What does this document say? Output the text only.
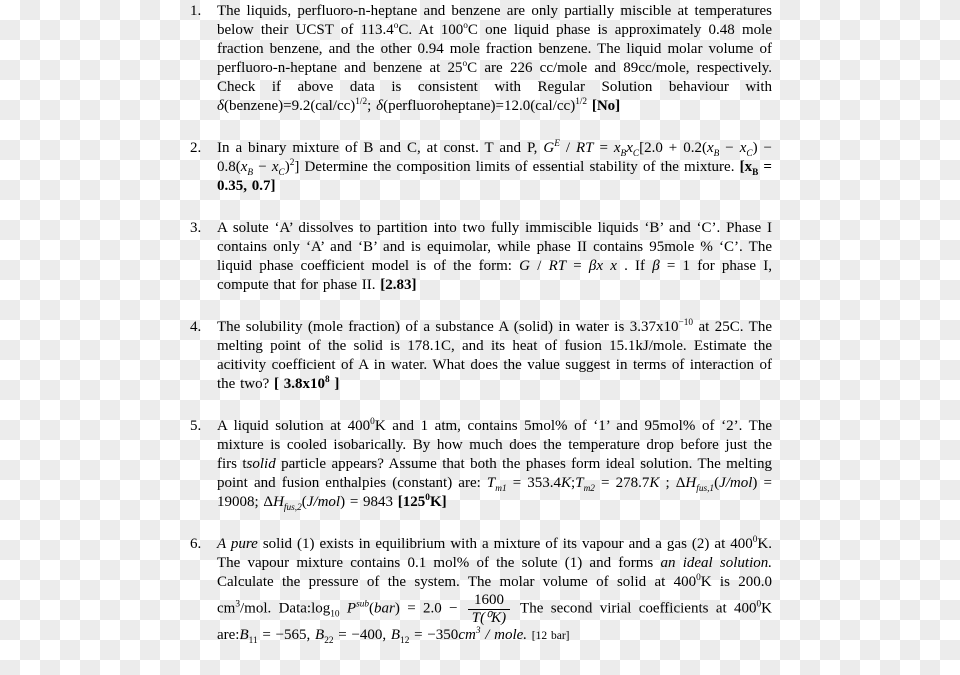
1.	The liquids, perfluoro-n-heptane and benzene are only partially miscible at temperatures below their UCST of 113.4$^o$C. At 100$^o$C one liquid phase is approximately 0.48 mole fraction benzene, and the other 0.94 mole fraction benzene. The liquid molar volume of perfluoro-n-heptane and benzene at 25$^o$C are 226 cc/mole and 89cc/mole, respectively. Check if above data is consistent with Regular Solution behaviour with $\delta(benzene)=9.2(cal/cc)^{1/2}$; $\delta(perfluoroheptane)=12.0(cal/cc)^{1/2}$ [No]
2.	In a binary mixture of B and C, at const. T and P, $G^E$ / RT = $x_Bx_C[2.0 + 0.2(x_B - x_C) - 0.8(x_B - x_C)^2]$ Determine the composition limits of essential stability of the mixture. [$x_B = 0.35$, 0.7]
3.	A solute ‘A’ dissolves to partition into two fully immiscible liquids ‘B’ and ‘C’. Phase I contains only ‘A’ and ‘B’ and is equimolar, while phase II contains 95mole % ‘C’. The liquid phase coefficient model is of the form: G / RT = βx x . If β = 1 for phase I, compute that for phase II. [2.83]
4.	The solubility (mole fraction) of a substance A (solid) in water is $3.37x10^{-10}$ at 25C. The melting point of the solid is 178.1C, and its heat of fusion 15.1kJ/mole. Estimate the acitivity coefficient of A in water. What does the value suggest in terms of interaction of the two? [ $3.8x10^8$ ]
5.	A liquid solution at $400^0K$ and 1 atm, contains 5mol% of ‘1’ and 95mol% of ‘2’. The mixture is cooled isobarically. By how much does the temperature drop before just the firs tsolid particle appears? Assume that both the phases form ideal solution. The melting point and fusion enthalpies (constant) are: $T_{m1}$ = $353.4K;T_{m2} = 278.7K$ ; $\Delta H_{fus,1}(J/mol) = 19008$; $\Delta H_{fus,2}(J/mol) = 9843$ $[125^0K]$
6.	A pure solid (1) exists in equilibrium with a mixture of its vapour and a gas (2) at $400^0K$. The vapour mixture contains 0.1 mol% of the solute (1) and forms an ideal solution. Calculate the pressure of the system. The molar volume of solid at $400^0K$ is 200.0 $cm^3$/mol. $Data:\log_{10}$ $P^{sub}(bar) = 2.0 - \frac{1600}{\text{T(⁰K)}}$ The second virial coefficients at $400^0K$ $are:B_{11} = -565$, $B_{22} = -400$, $B_{12} = -350cm^3$ / mole. [12 bar]
